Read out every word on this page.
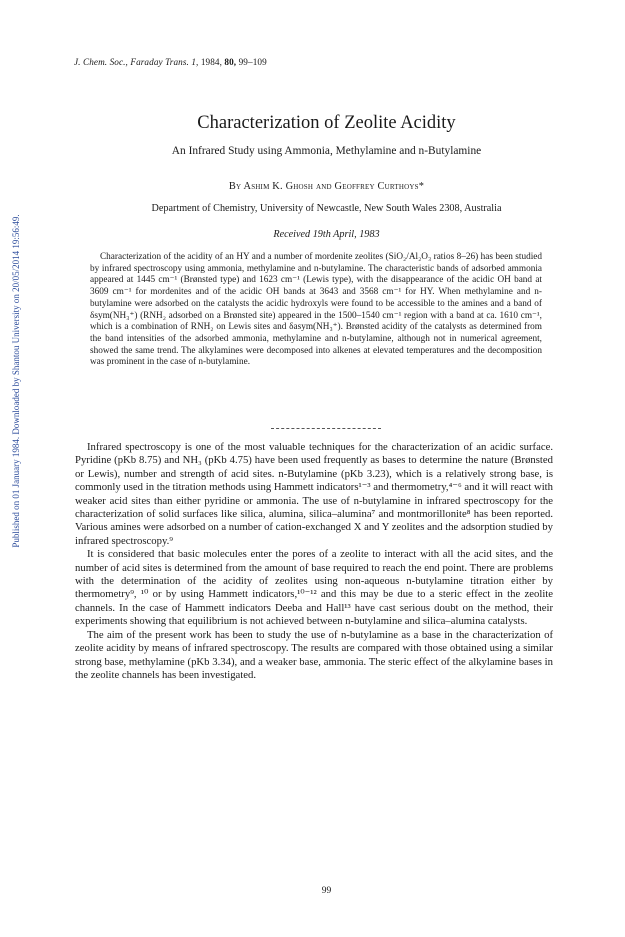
J. Chem. Soc., Faraday Trans. 1, 1984, 80, 99–109
Published on 01 January 1984. Downloaded by Shantou University on 20/05/2014 19:56:49.
Characterization of Zeolite Acidity
An Infrared Study using Ammonia, Methylamine and n-Butylamine
By Ashim K. Ghosh and Geoffrey Curthoys*
Department of Chemistry, University of Newcastle, New South Wales 2308, Australia
Received 19th April, 1983

Characterization of the acidity of an HY and a number of mordenite zeolites (SiO₂/Al₂O₃ ratios 8–26) has been studied by infrared spectroscopy using ammonia, methylamine and n-butylamine. The characteristic bands of adsorbed ammonia appeared at 1445 cm⁻¹ (Brønsted type) and 1623 cm⁻¹ (Lewis type), with the disappearance of the acidic OH band at 3609 cm⁻¹ for mordenites and of the acidic OH bands at 3643 and 3568 cm⁻¹ for HY. When methylamine and n-butylamine were adsorbed on the catalysts the acidic hydroxyls were found to be accessible to the amines and a band of δsym(NH₃⁺) (RNH₂ adsorbed on a Brønsted site) appeared in the 1500–1540 cm⁻¹ region with a band at ca. 1610 cm⁻¹, which is a combination of RNH₂ on Lewis sites and δasym(NH₃⁺). Brønsted acidity of the catalysts as determined from the band intensities of the adsorbed ammonia, methylamine and n-butylamine, although not in numerical agreement, showed the same trend. The alkylamines were decomposed into alkenes at elevated temperatures and the decomposition was prominent in the case of n-butylamine.

Infrared spectroscopy is one of the most valuable techniques for the characterization of an acidic surface. Pyridine (pKb 8.75) and NH₃ (pKb 4.75) have been used frequently as bases to determine the nature (Brønsted or Lewis), number and strength of acid sites. n-Butylamine (pKb 3.23), which is a relatively strong base, is commonly used in the titration methods using Hammett indicators¹⁻³ and thermometry,⁴⁻⁶ and it will react with weaker acid sites than either pyridine or ammonia. The use of n-butylamine in infrared spectroscopy for the characterization of solid surfaces like silica, alumina, silica–alumina⁷ and montmorillonite⁸ has been reported. Various amines were adsorbed on a number of cation-exchanged X and Y zeolites and the adsorption studied by infrared spectroscopy.⁹

It is considered that basic molecules enter the pores of a zeolite to interact with all the acid sites, and the number of acid sites is determined from the amount of base required to reach the end point. There are problems with the determination of the acidity of zeolites using non-aqueous n-butylamine titration either by thermometry⁹, ¹⁰ or by using Hammett indicators,¹⁰⁻¹² and this may be due to a steric effect in the zeolite channels. In the case of Hammett indicators Deeba and Hall¹³ have cast serious doubt on the method, their experiments showing that equilibrium is not achieved between n-butylamine and silica–alumina catalysts.

The aim of the present work has been to study the use of n-butylamine as a base in the characterization of zeolite acidity by means of infrared spectroscopy. The results are compared with those obtained using a similar strong base, methylamine (pKb 3.34), and a weaker base, ammonia. The steric effect of the alkylamine bases in the zeolite channels has been investigated.

99
